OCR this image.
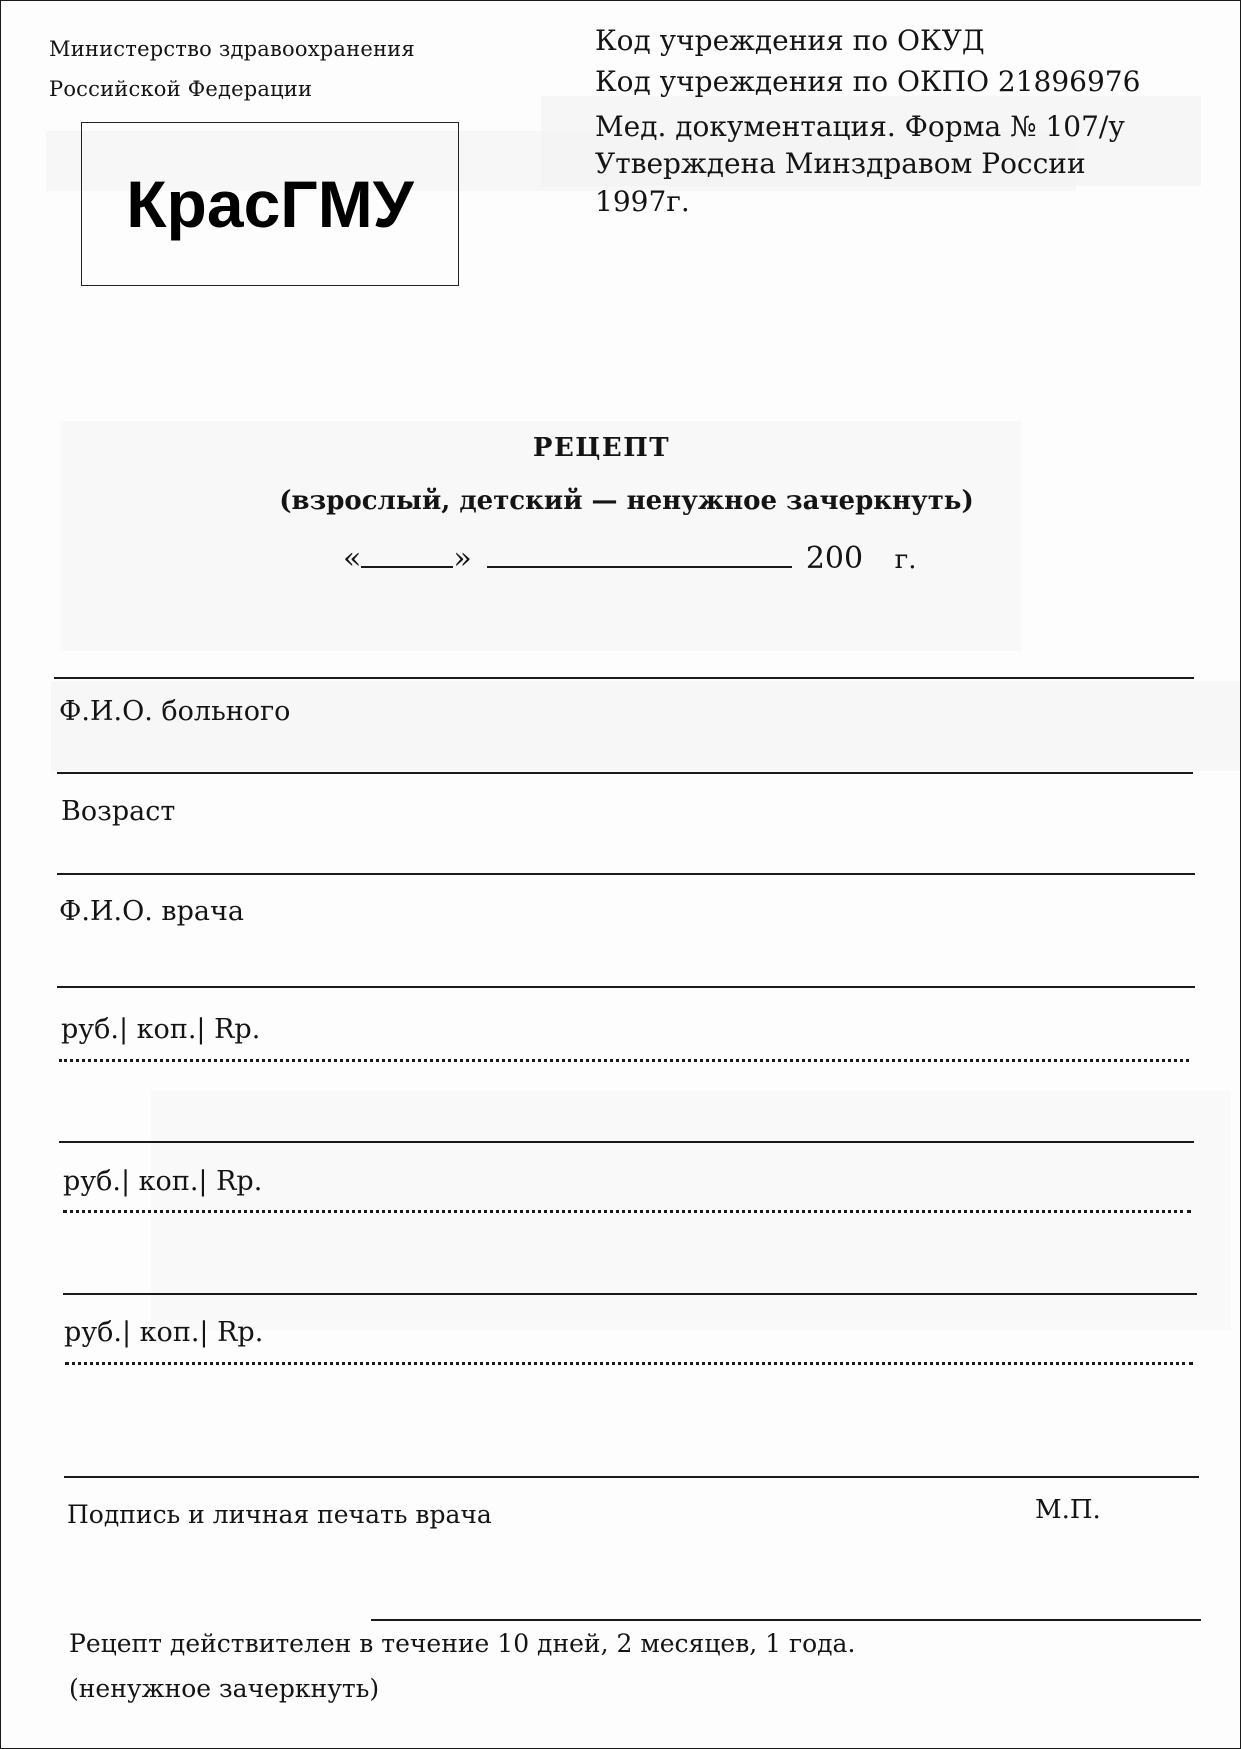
Министерство здравоохранения
Российской Федерации
КрасГМУ
Код учреждения по ОКУД
Код учреждения по ОКПО 21896976
Мед. документация. Форма № 107/у
Утверждена Минздравом России
1997г.
РЕЦЕПТ
(взрослый, детский — ненужное зачеркнуть)
«	»	200 г.
Ф.И.О. больного
Возраст
Ф.И.О. врача
руб.| коп.| Rp.
руб.| коп.| Rp.
руб.| коп.| Rp.
Подпись и личная печать врача	М.П.
Рецепт действителен в течение 10 дней, 2 месяцев, 1 года.
(ненужное зачеркнуть)
